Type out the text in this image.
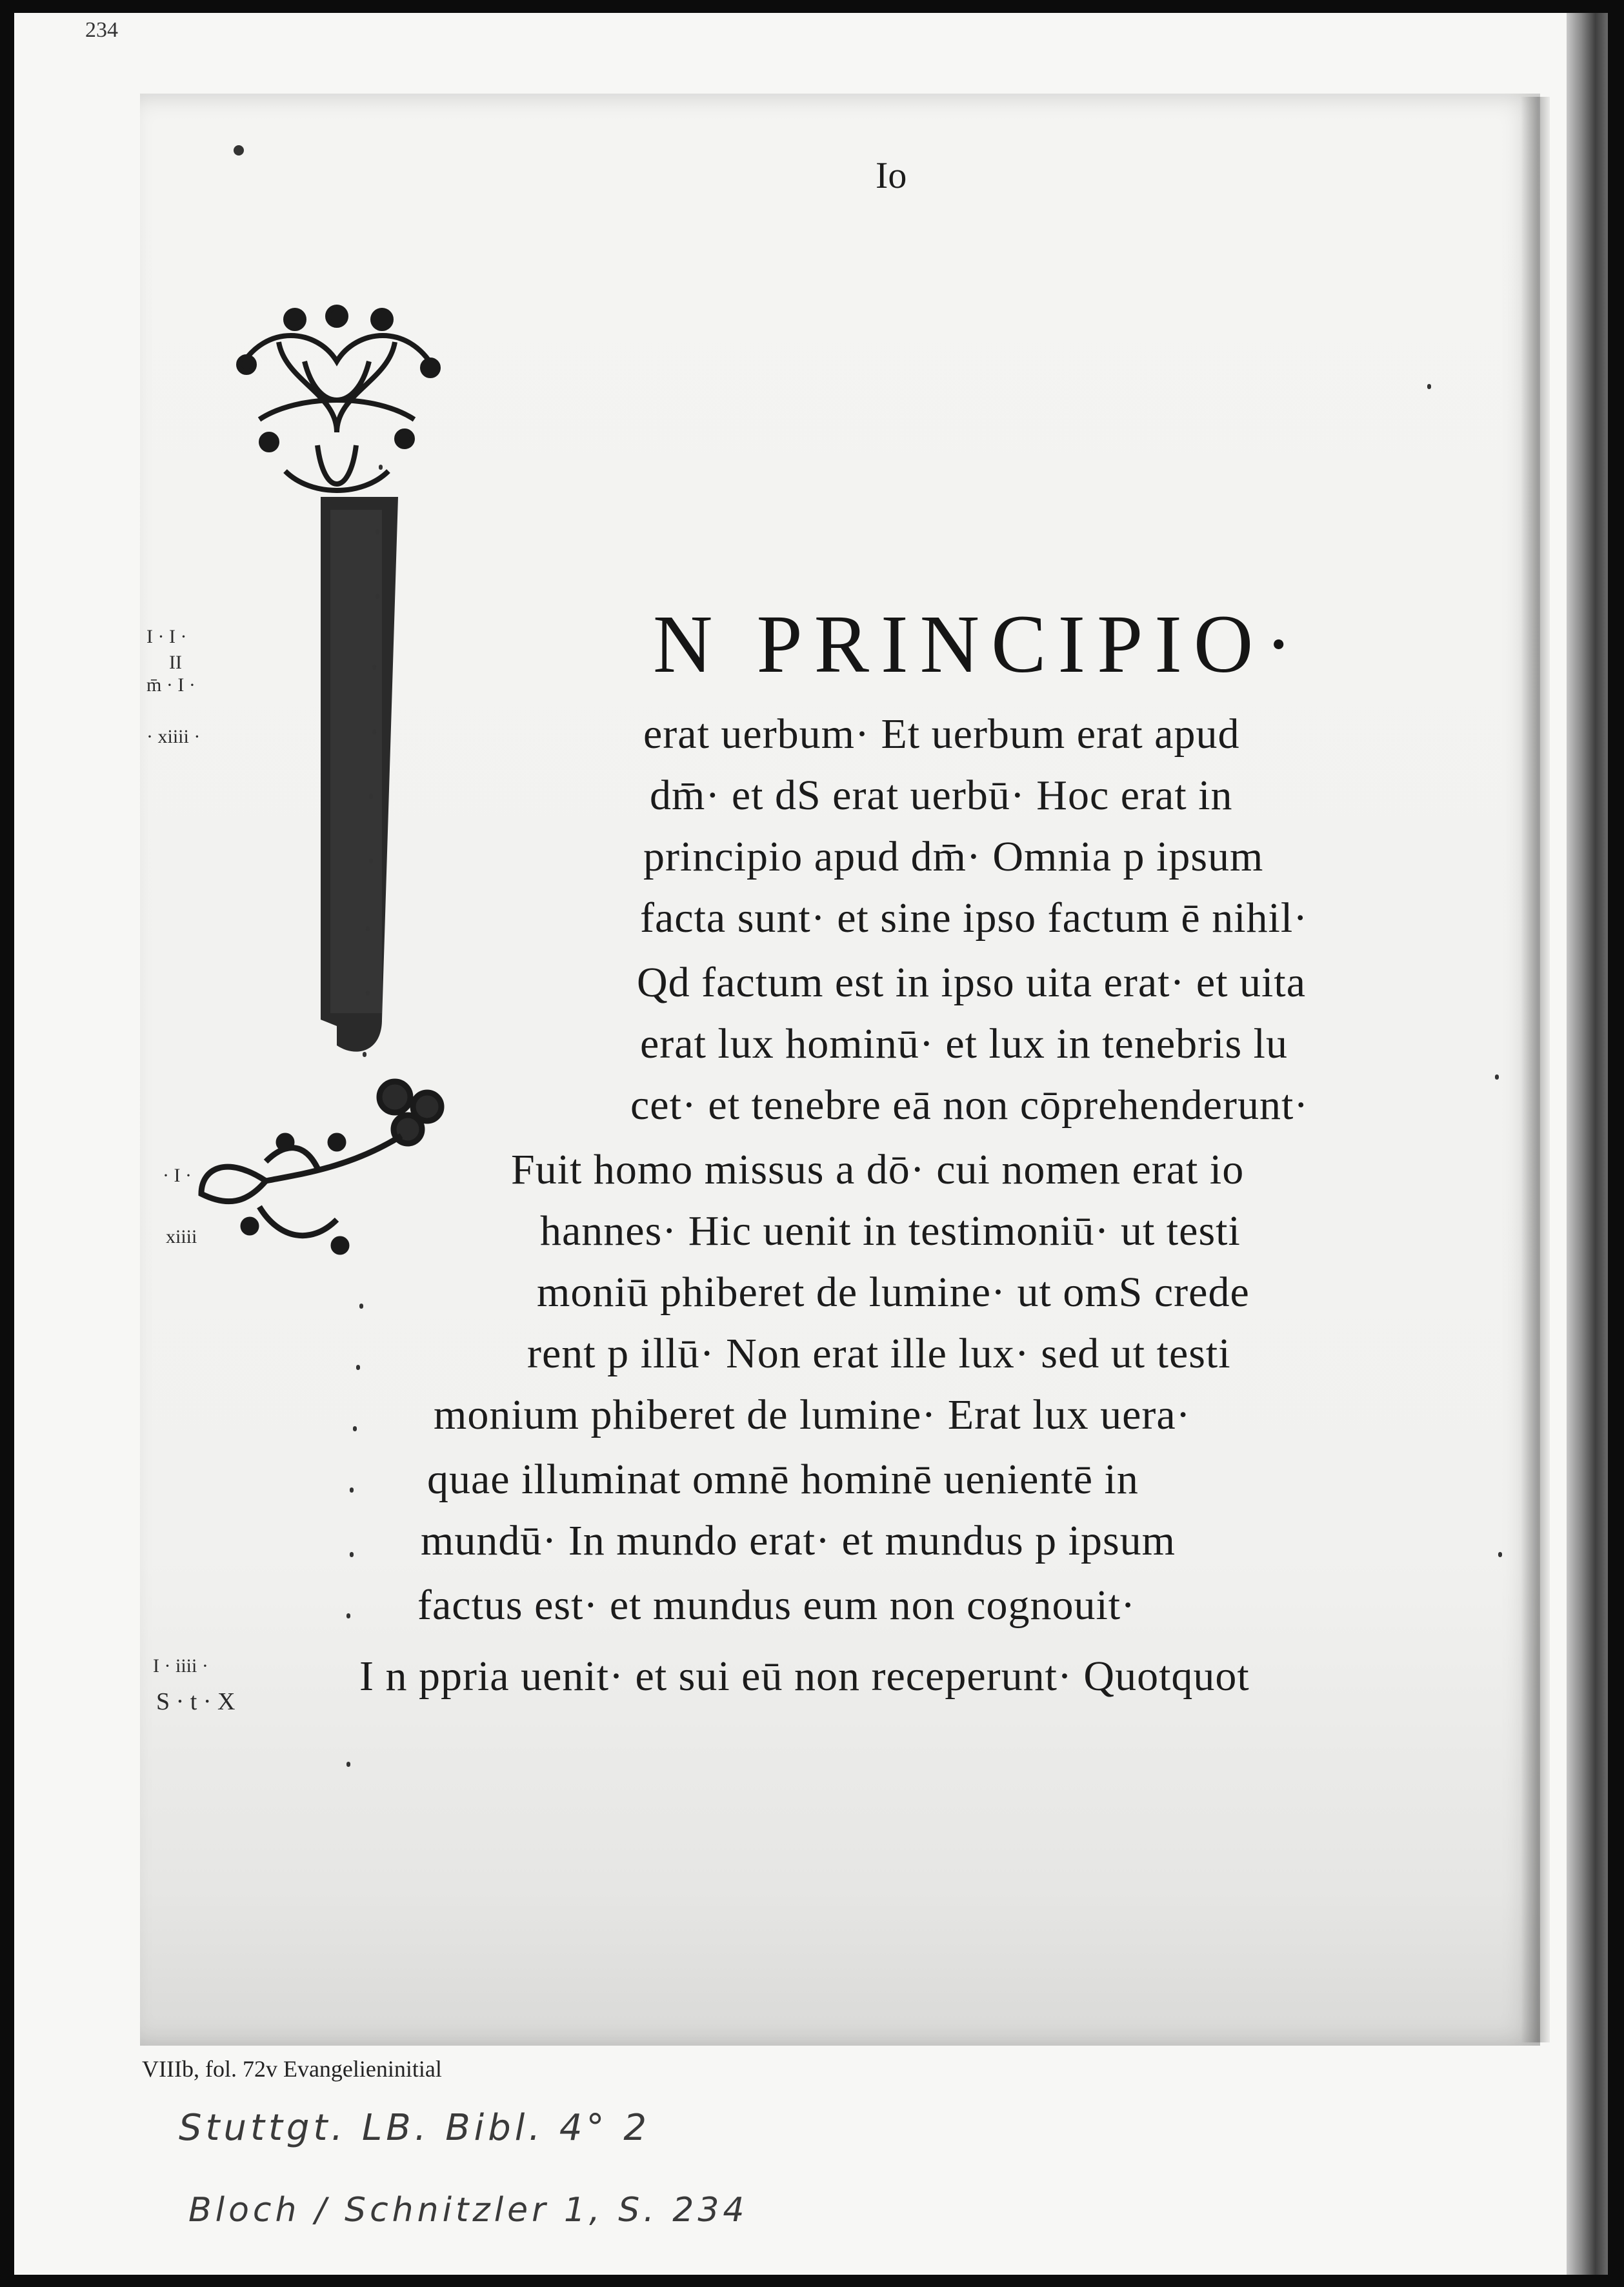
234
Io
N PRINCIPIO·
erat uerbum· Et uerbum erat apud
dm̄· et dS erat uerbū· Hoc erat in
principio apud dm̄· Omnia p ipsum
facta sunt· et sine ipso factum ē nihil·
Qd factum est in ipso uita erat· et uita
erat lux hominū· et lux in tenebris lu
cet· et tenebre eā non cōprehenderunt·
Fuit homo missus a dō· cui nomen erat io
hannes· Hic uenit in testimoniū· ut testi
moniū phiberet de lumine· ut omS crede
rent p illū· Non erat ille lux· sed ut testi
monium phiberet de lumine· Erat lux uera·
quae illuminat omnē hominē uenientē in
mundū· In mundo erat· et mundus p ipsum
factus est· et mundus eum non cognouit·
I n ppria uenit· et sui eū non receperunt· Quotquot
I · I ·
II
m̄ · I ·
· xiiii ·
· I ·
xiiii
I · iiii ·
S · t · X
VIIIb, fol. 72v Evangelieninitial
Stuttgt. LB. Bibl. 4° 2
Bloch / Schnitzler 1, S. 234
